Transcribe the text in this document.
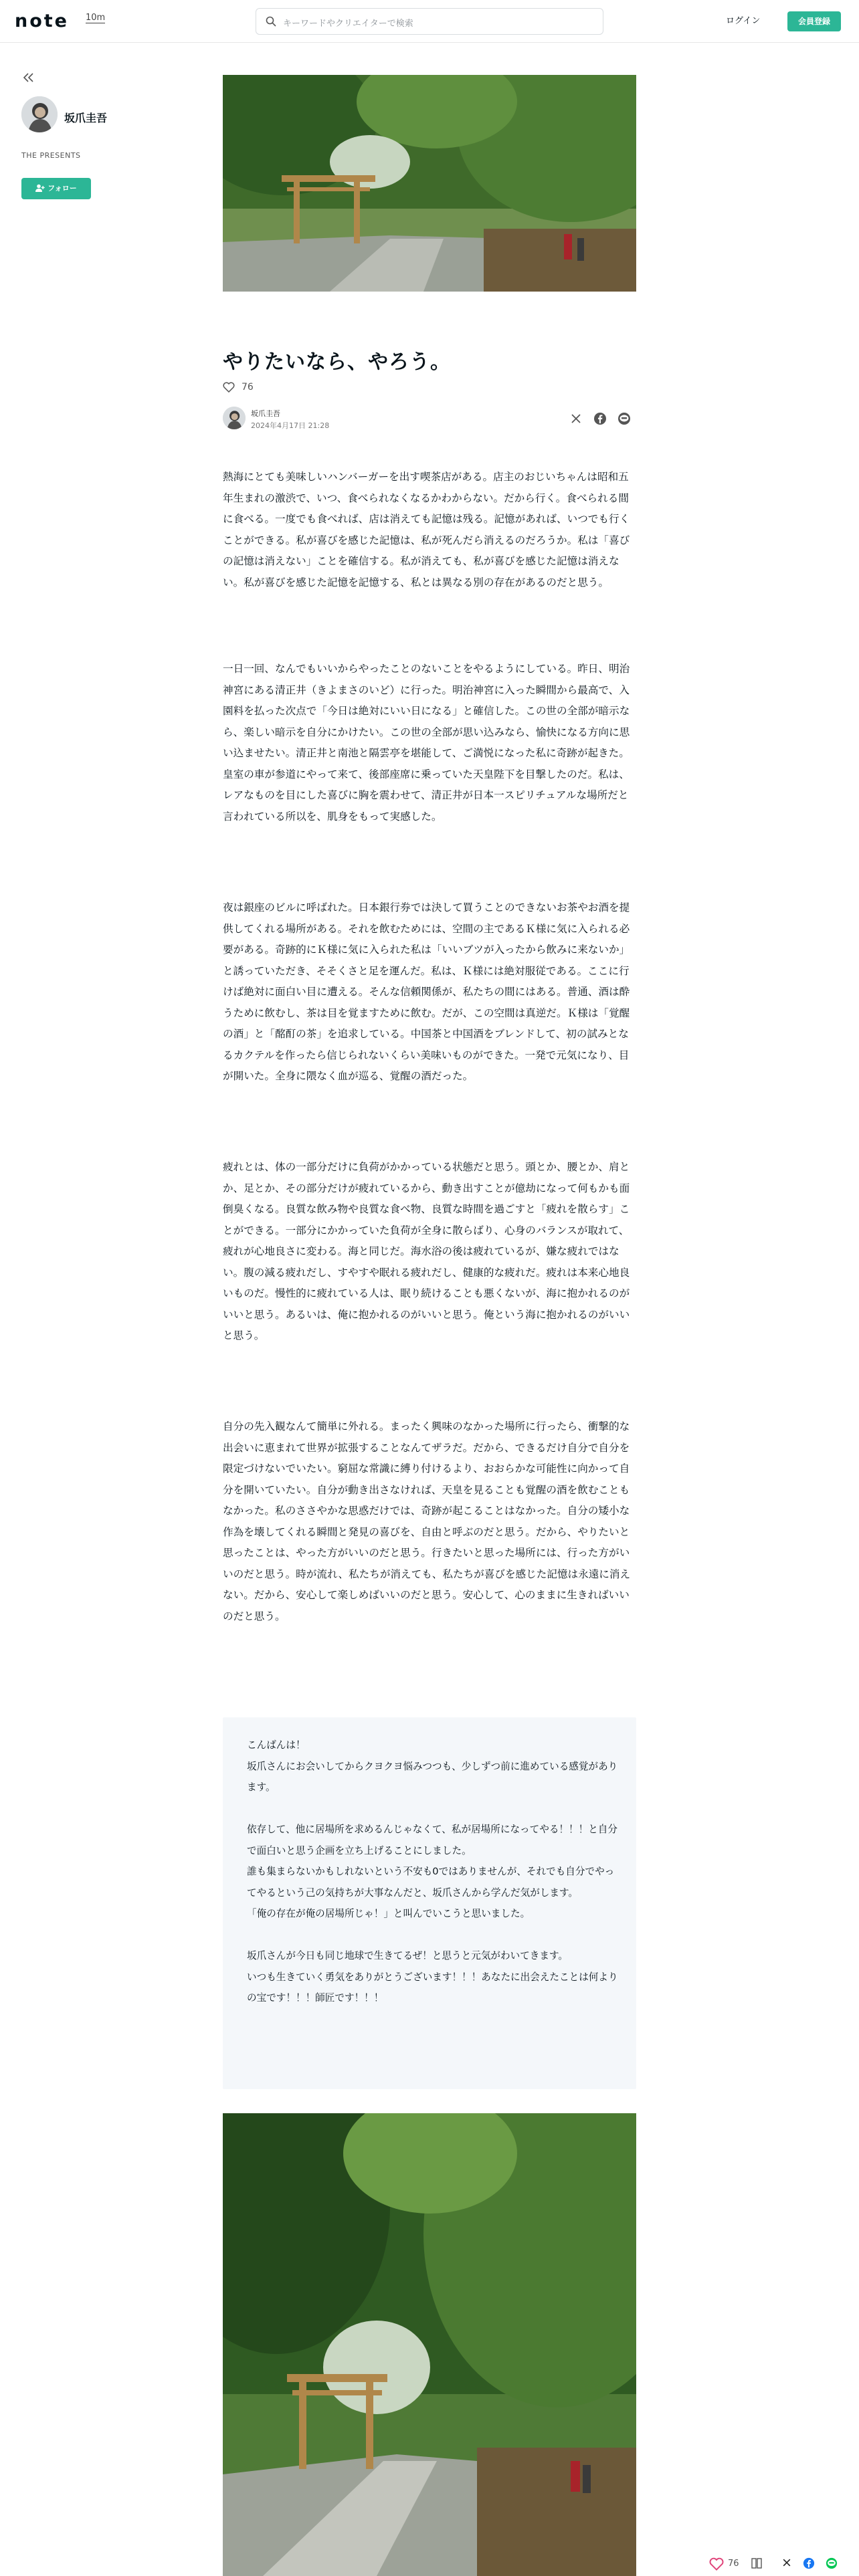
note 10m
キーワードやクリエイターで検索	ログイン	会員登録
坂爪圭吾
THE PRESENTS
フォロー
やりたいなら、やろう。
76
坂爪圭吾
2024年4月17日 21:28
熱海にとても美味しいハンバーガーを出す喫茶店がある。店主のおじいちゃんは昭和五年生まれの激渋で、いつ、食べられなくなるかわからない。だから行く。食べられる間に食べる。一度でも食べれば、店は消えても記憶は残る。記憶があれば、いつでも行くことができる。私が喜びを感じた記憶は、私が死んだら消えるのだろうか。私は「喜びの記憶は消えない」ことを確信する。私が消えても、私が喜びを感じた記憶は消えない。私が喜びを感じた記憶を記憶する、私とは異なる別の存在があるのだと思う。
一日一回、なんでもいいからやったことのないことをやるようにしている。昨日、明治神宮にある清正井（きよまさのいど）に行った。明治神宮に入った瞬間から最高で、入園料を払った次点で「今日は絶対にいい日になる」と確信した。この世の全部が暗示なら、楽しい暗示を自分にかけたい。この世の全部が思い込みなら、愉快になる方向に思い込ませたい。清正井と南池と隔雲亭を堪能して、ご満悦になった私に奇跡が起きた。皇室の車が参道にやって来て、後部座席に乗っていた天皇陛下を目撃したのだ。私は、レアなものを目にした喜びに胸を震わせて、清正井が日本一スピリチュアルな場所だと言われている所以を、肌身をもって実感した。
夜は銀座のビルに呼ばれた。日本銀行券では決して買うことのできないお茶やお酒を提供してくれる場所がある。それを飲むためには、空間の主であるＫ様に気に入られる必要がある。奇跡的にＫ様に気に入られた私は「いいブツが入ったから飲みに来ないか」と誘っていただき、そそくさと足を運んだ。私は、Ｋ様には絶対服従である。ここに行けば絶対に面白い目に遭える。そんな信頼関係が、私たちの間にはある。普通、酒は酔うために飲むし、茶は目を覚ますために飲む。だが、この空間は真逆だ。Ｋ様は「覚醒の酒」と「酩酊の茶」を追求している。中国茶と中国酒をブレンドして、初の試みとなるカクテルを作ったら信じられないくらい美味いものができた。一発で元気になり、目が開いた。全身に隈なく血が巡る、覚醒の酒だった。
疲れとは、体の一部分だけに負荷がかかっている状態だと思う。頭とか、腰とか、肩とか、足とか、その部分だけが疲れているから、動き出すことが億劫になって何もかも面倒臭くなる。良質な飲み物や良質な食べ物、良質な時間を過ごすと「疲れを散らす」ことができる。一部分にかかっていた負荷が全身に散らばり、心身のバランスが取れて、疲れが心地良さに変わる。海と同じだ。海水浴の後は疲れているが、嫌な疲れではない。腹の減る疲れだし、すやすや眠れる疲れだし、健康的な疲れだ。疲れは本来心地良いものだ。慢性的に疲れている人は、眠り続けることも悪くないが、海に抱かれるのがいいと思う。あるいは、俺に抱かれるのがいいと思う。俺という海に抱かれるのがいいと思う。
自分の先入観なんて簡単に外れる。まったく興味のなかった場所に行ったら、衝撃的な出会いに恵まれて世界が拡張することなんてザラだ。だから、できるだけ自分で自分を限定づけないでいたい。窮屈な常識に縛り付けるより、おおらかな可能性に向かって自分を開いていたい。自分が動き出さなければ、天皇を見ることも覚醒の酒を飲むこともなかった。私のささやかな思惑だけでは、奇跡が起こることはなかった。自分の矮小な作為を壊してくれる瞬間と発見の喜びを、自由と呼ぶのだと思う。だから、やりたいと思ったことは、やった方がいいのだと思う。行きたいと思った場所には、行った方がいいのだと思う。時が流れ、私たちが消えても、私たちが喜びを感じた記憶は永遠に消えない。だから、安心して楽しめばいいのだと思う。安心して、心のままに生きればいいのだと思う。
こんばんは！
坂爪さんにお会いしてからクヨクヨ悩みつつも、少しずつ前に進めている感覚があります。
依存して、他に居場所を求めるんじゃなくて、私が居場所になってやる！！！と自分で面白いと思う企画を立ち上げることにしました。
誰も集まらないかもしれないという不安も0ではありませんが、それでも自分でやってやるという己の気持ちが大事なんだと、坂爪さんから学んだ気がします。
「俺の存在が俺の居場所じゃ！」と叫んでいこうと思いました。
坂爪さんが今日も同じ地球で生きてるぜ！と思うと元気がわいてきます。
いつも生きていく勇気をありがとうございます！！！あなたに出会えたことは何よりの宝です！！！師匠です！！！
76
